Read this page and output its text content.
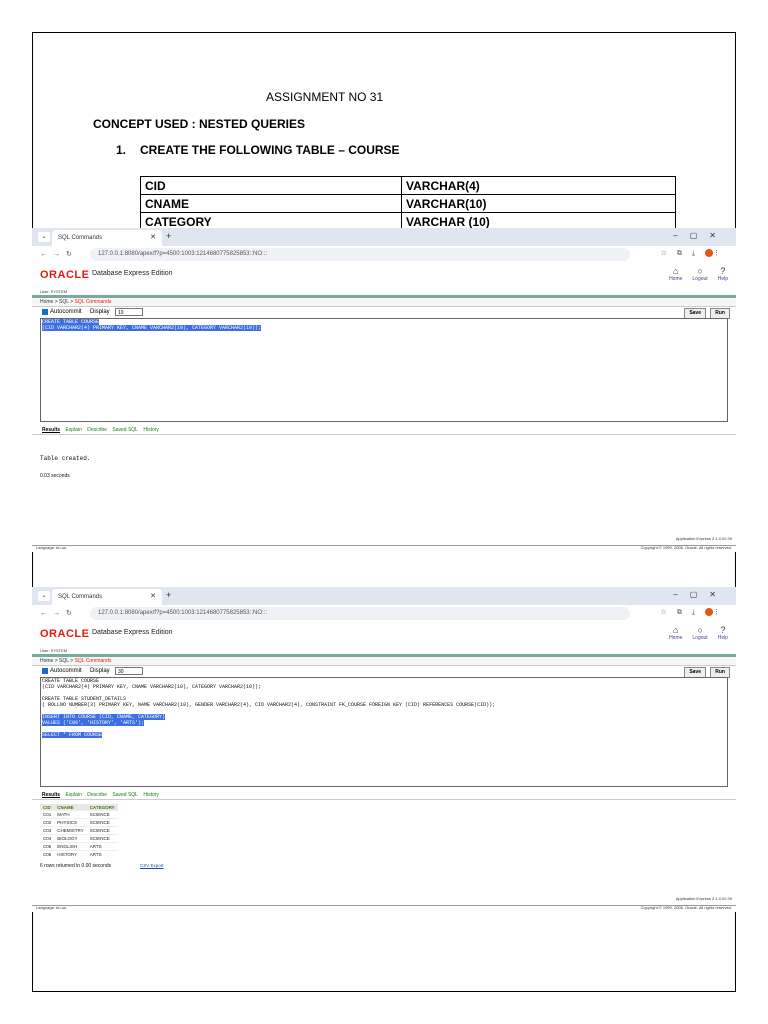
ASSIGNMENT NO 31
CONCEPT USED : NESTED QUERIES
1. CREATE THE FOLLOWING TABLE – COURSE
CID	VARCHAR(4)
CNAME	VARCHAR(10)
CATEGORY	VARCHAR (10)
⌄	SQL Commands	✕ +	–▢✕
←→↻	127.0.0.1:8080/apex/f?p=4500:1003:1214680775825853::NO:::	☆⧉⤓ ⋮
ORACLE Database Express Edition	⌂
Home
○
Logout
?
Help
User: SYSTEM
Home > SQL > SQL Commands
Autocommit Display	10	Save	Run
CREATE TABLE COURSE
(CID VARCHAR2(4) PRIMARY KEY, CNAME VARCHAR2(10), CATEGORY VARCHAR2(10));
Results Explain Describe Saved SQL History
Table created.
0.03 seconds
Application Express 2.1.0.00.39
Language: en-us	Copyright © 1999, 2006, Oracle. All rights reserved.
⌄	SQL Commands	✕ +	–▢✕
←→↻	127.0.0.1:8080/apex/f?p=4500:1003:1214680775825853::NO:::	☆⧉⤓ ⋮
ORACLE Database Express Edition	⌂
Home
○
Logout
?
Help
User: SYSTEM
Home > SQL > SQL Commands
Autocommit Display	30	Save	Run
CREATE TABLE COURSE
(CID VARCHAR2(4) PRIMARY KEY, CNAME VARCHAR2(10), CATEGORY VARCHAR2(10));
CREATE TABLE STUDENT_DETAILS
( ROLLNO NUMBER(3) PRIMARY KEY, NAME VARCHAR2(10), GENDER VARCHAR2(4), CID VARCHAR2(4), CONSTRAINT FK_COURSE FOREIGN KEY (CID) REFERENCES COURSE(CID));
INSERT INTO COURSE (CID, CNAME, CATEGORY)
VALUES ('C06', 'HISTORY', 'ARTS');
SELECT * FROM COURSE
Results Explain Describe Saved SQL History
CID	CNAME	CATEGORY
C01	MATH	SCIENCE
C02	PHYSICS	SCIENCE
C03	CHEMISTRY	SCIENCE
C04	BIOLOGY	SCIENCE
C05	ENGLISH	ARTS
C06	HISTORY	ARTS
6 rows returned in 0.00 seconds	CSV Export
Application Express 2.1.0.00.39
Language: en-us	Copyright © 1999, 2006, Oracle. All rights reserved.
